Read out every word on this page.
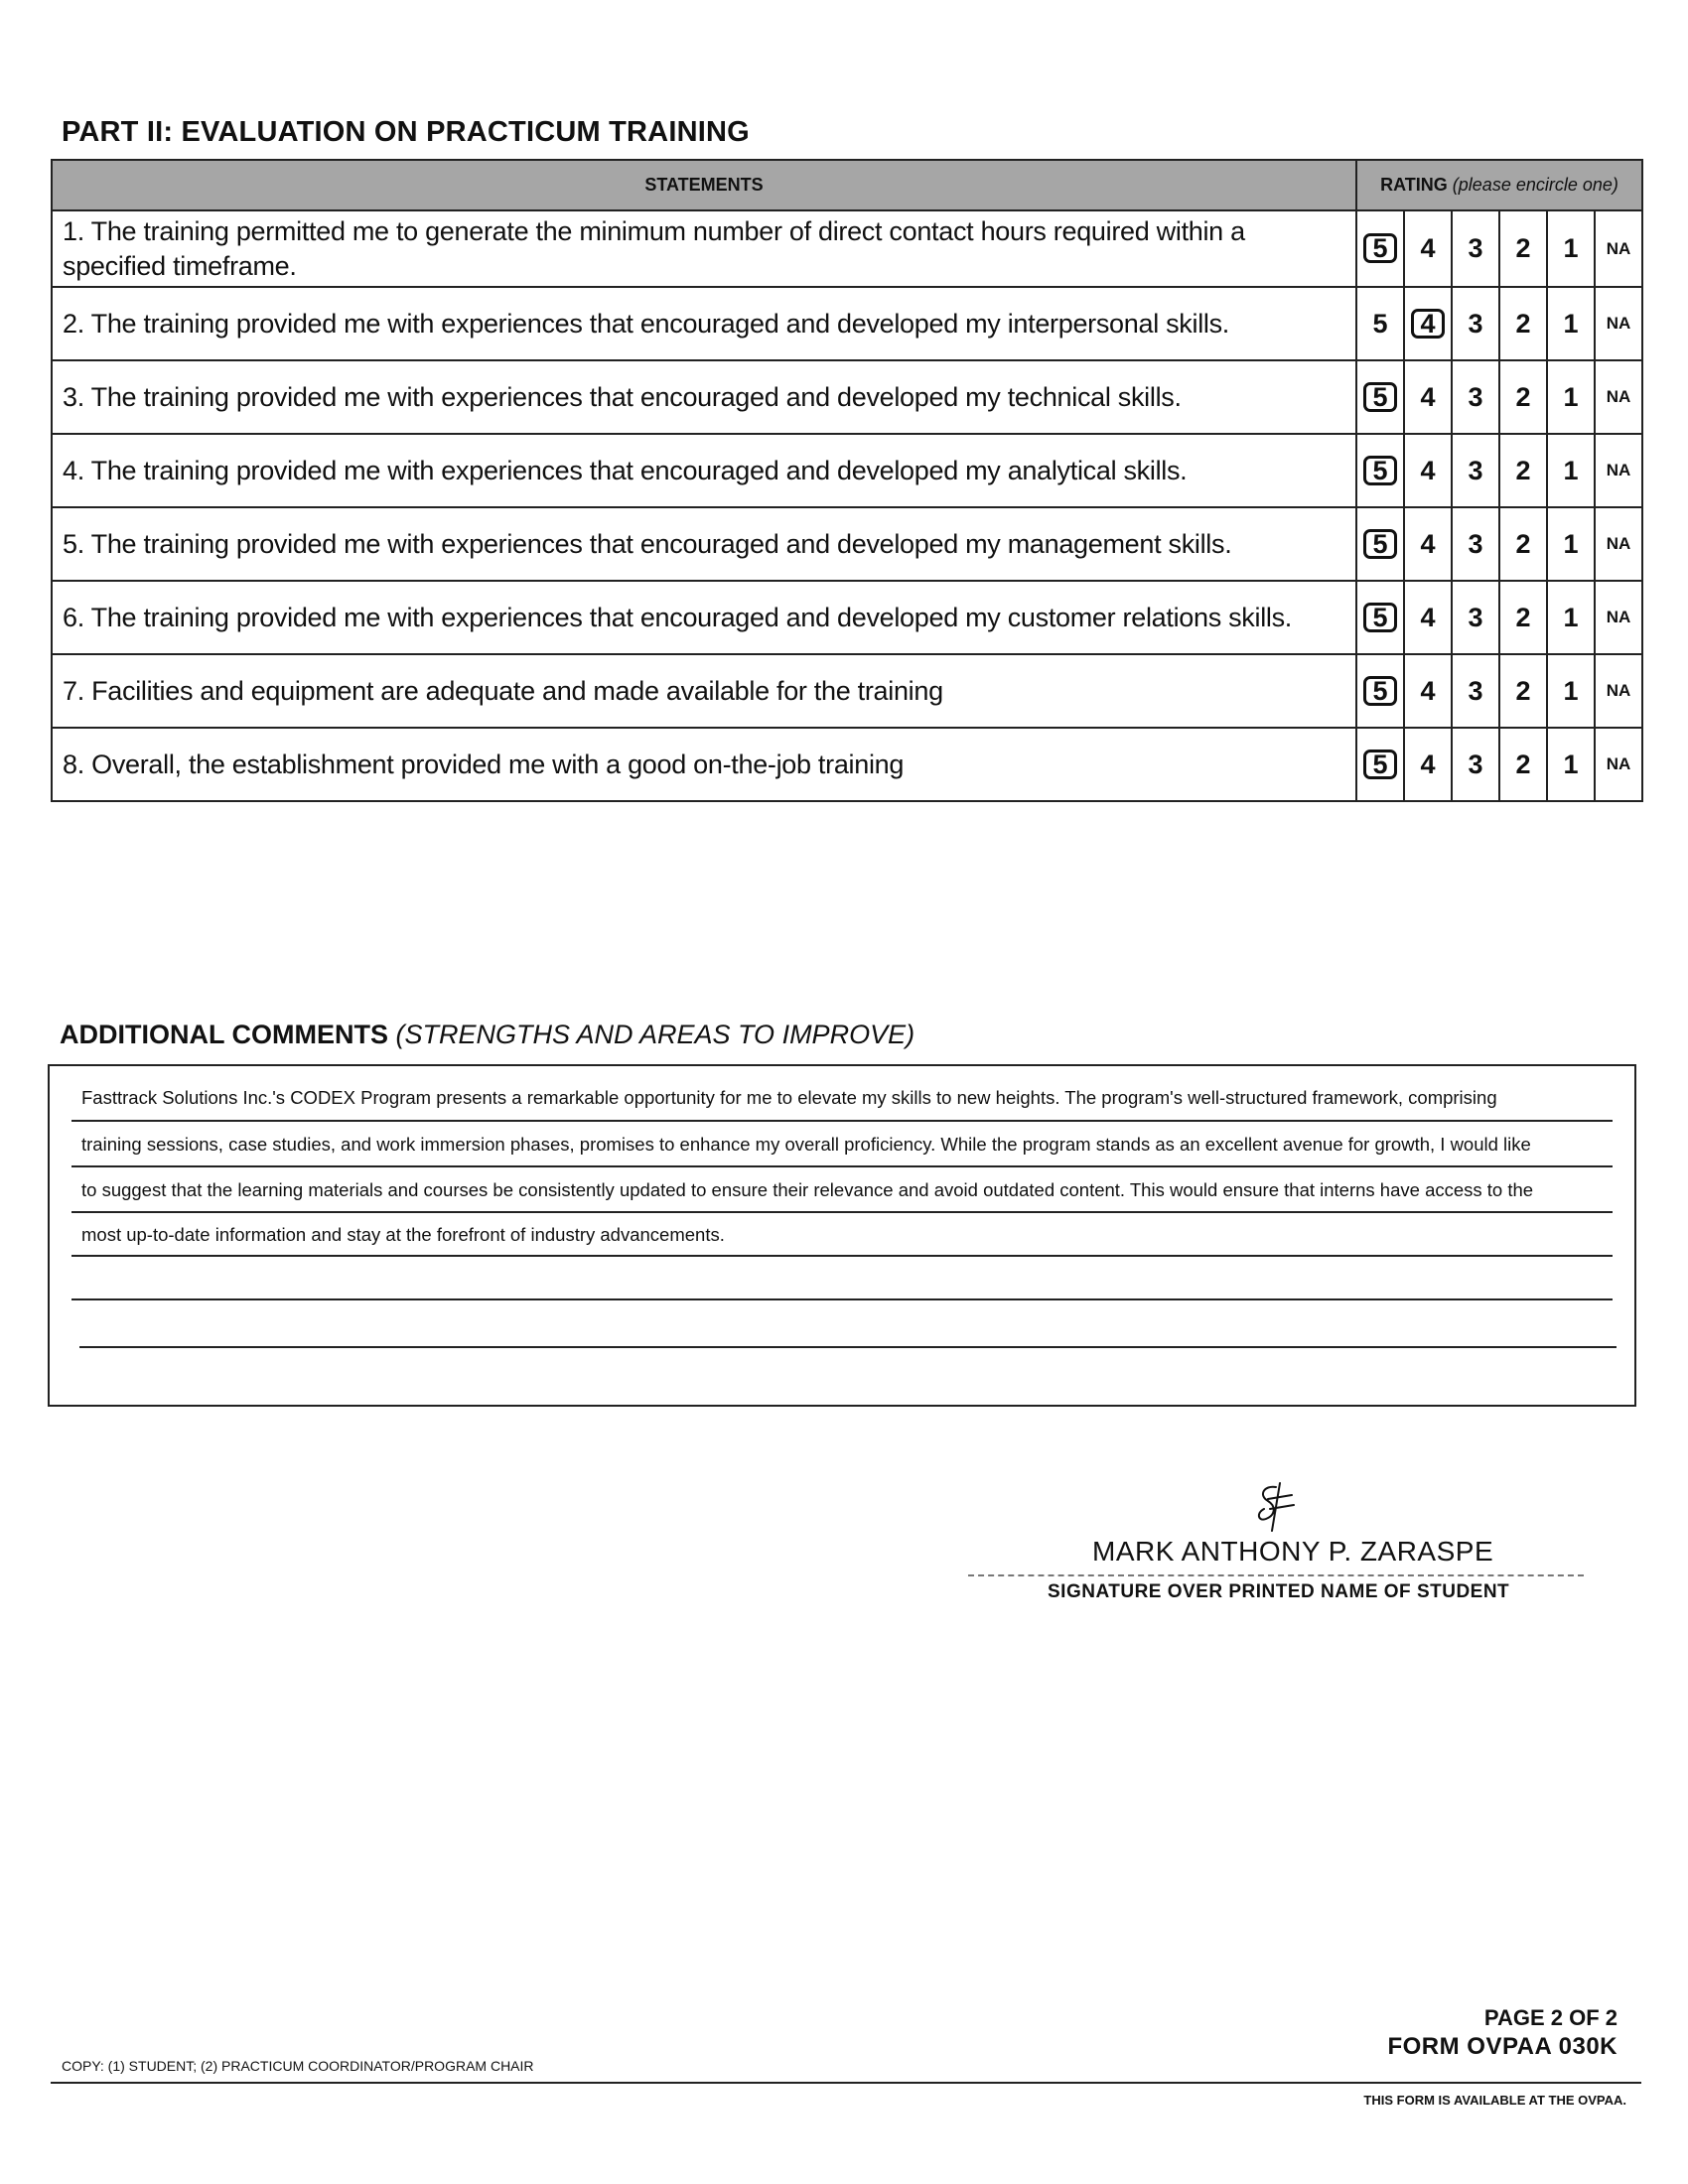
PART II: EVALUATION ON PRACTICUM TRAINING
STATEMENTS	RATING (please encircle one)					
1. The training permitted me to generate the minimum number of direct contact hours required within a specified timeframe.	5	4	3	2	1	NA
2. The training provided me with experiences that encouraged and developed my interpersonal skills.	5	4	3	2	1	NA
3. The training provided me with experiences that encouraged and developed my technical skills.	5	4	3	2	1	NA
4. The training provided me with experiences that encouraged and developed my analytical skills.	5	4	3	2	1	NA
5. The training provided me with experiences that encouraged and developed my management skills.	5	4	3	2	1	NA
6. The training provided me with experiences that encouraged and developed my customer relations skills.	5	4	3	2	1	NA
7. Facilities and equipment are adequate and made available for the training	5	4	3	2	1	NA
8. Overall, the establishment provided me with a good on-the-job training	5	4	3	2	1	NA
ADDITIONAL COMMENTS (STRENGTHS AND AREAS TO IMPROVE)
Fasttrack Solutions Inc.'s CODEX Program presents a remarkable opportunity for me to elevate my skills to new heights. The program's well-structured framework, comprising
training sessions, case studies, and work immersion phases, promises to enhance my overall proficiency. While the program stands as an excellent avenue for growth, I would like
to suggest that the learning materials and courses be consistently updated to ensure their relevance and avoid outdated content. This would ensure that interns have access to the
most up-to-date information and stay at the forefront of industry advancements.
MARK ANTHONY P. ZARASPE
SIGNATURE OVER PRINTED NAME OF STUDENT
PAGE 2 OF 2
FORM OVPAA 030K
COPY: (1) STUDENT; (2) PRACTICUM COORDINATOR/PROGRAM CHAIR
THIS FORM IS AVAILABLE AT THE OVPAA.
